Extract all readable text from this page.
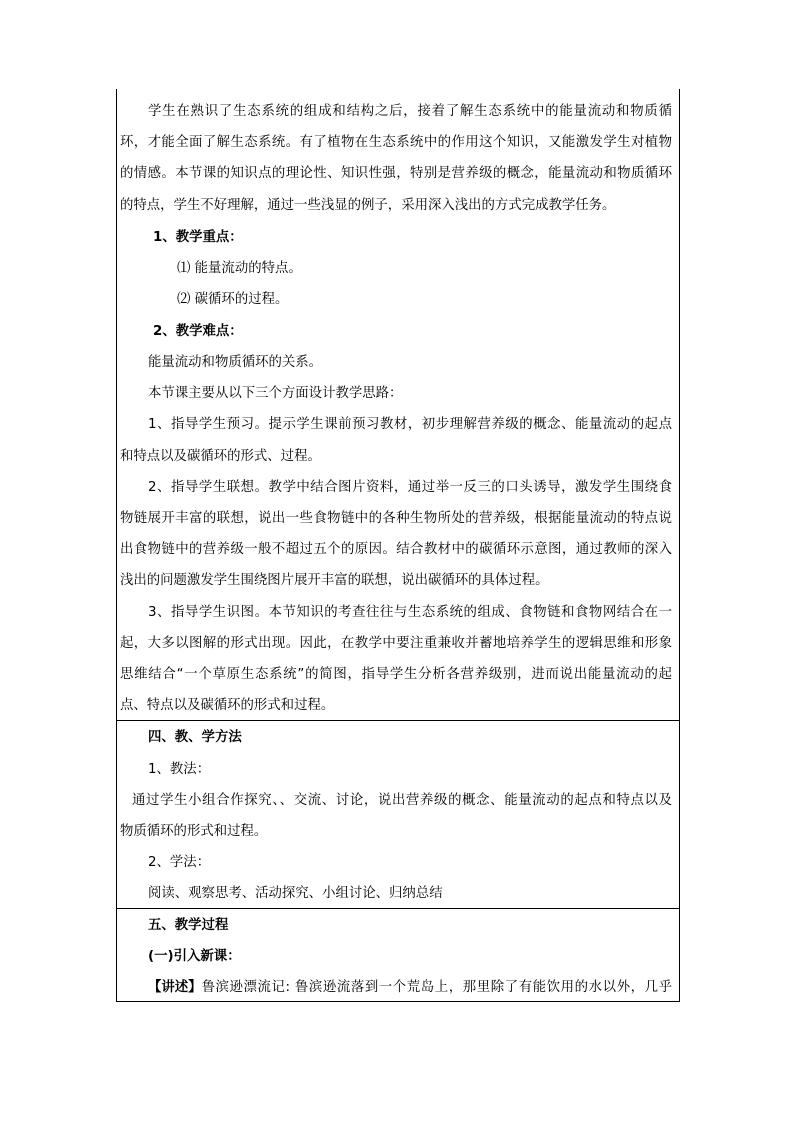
学生在熟识了生态系统的组成和结构之后，接着了解生态系统中的能量流动和物质循
环，才能全面了解生态系统。有了植物在生态系统中的作用这个知识，又能激发学生对植物
的情感。本节课的知识点的理论性、知识性强，特别是营养级的概念，能量流动和物质循环
的特点，学生不好理解，通过一些浅显的例子，采用深入浅出的方式完成教学任务。
1、教学重点：
⑴ 能量流动的特点。
⑵ 碳循环的过程。
2、教学难点：
能量流动和物质循环的关系。
本节课主要从以下三个方面设计教学思路：
1、指导学生预习。提示学生课前预习教材，初步理解营养级的概念、能量流动的起点
和特点以及碳循环的形式、过程。
2、指导学生联想。教学中结合图片资料，通过举一反三的口头诱导，激发学生围绕食
物链展开丰富的联想，说出一些食物链中的各种生物所处的营养级，根据能量流动的特点说
出食物链中的营养级一般不超过五个的原因。结合教材中的碳循环示意图，通过教师的深入
浅出的问题激发学生围绕图片展开丰富的联想，说出碳循环的具体过程。
3、指导学生识图。本节知识的考查往往与生态系统的组成、食物链和食物网结合在一
起，大多以图解的形式出现。因此，在教学中要注重兼收并蓄地培养学生的逻辑思维和形象
思维结合“一个草原生态系统”的简图，指导学生分析各营养级别，进而说出能量流动的起
点、特点以及碳循环的形式和过程。
四、教、学方法
1、教法：
通过学生小组合作探究、、交流、讨论，说出营养级的概念、能量流动的起点和特点以及
物质循环的形式和过程。
2、学法：
阅读、观察思考、活动探究、小组讨论、归纳总结
五、教学过程
(一)引入新课：
【讲述】 鲁滨逊漂流记: 鲁滨逊流落到一个荒岛上，那里除了有能饮用的水以外，几乎
